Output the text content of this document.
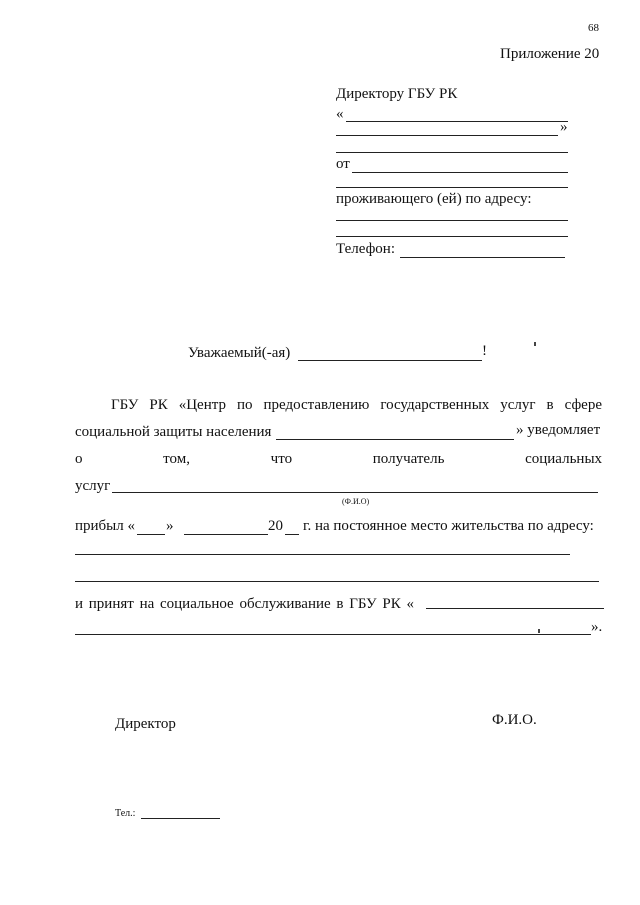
68
Приложение 20
Директору ГБУ РК
«
»
от
проживающего (ей) по адресу:
Телефон:
Уважаемый(-ая)	!
ГБУ РК «Центр по предоставлению государственных услуг в сфере
социальной защиты населения	» уведомляет
о	том,	что	получатель	социальных
услуг
(Ф.И.О)
прибыл « »	20 г. на постоянное место жительства по адресу:
и принят на социальное обслуживание в ГБУ РК «
».
Директор	Ф.И.О.
Тел.:
